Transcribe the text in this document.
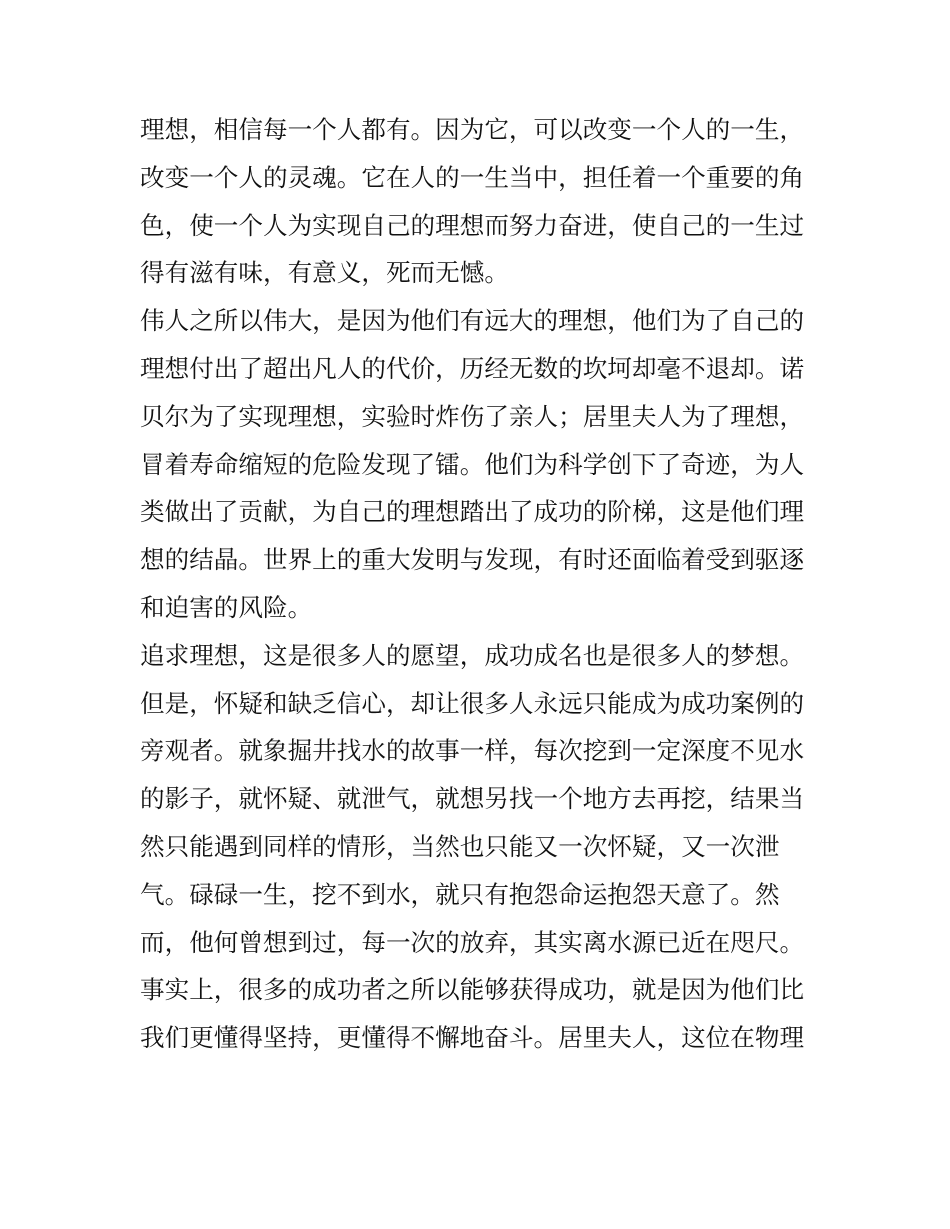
理想，相信每一个人都有。因为它，可以改变一个人的一生，
改变一个人的灵魂。它在人的一生当中，担任着一个重要的角
色，使一个人为实现自己的理想而努力奋进，使自己的一生过
得有滋有味，有意义，死而无憾。
伟人之所以伟大，是因为他们有远大的理想，他们为了自己的
理想付出了超出凡人的代价，历经无数的坎坷却毫不退却。诺
贝尔为了实现理想，实验时炸伤了亲人；居里夫人为了理想，
冒着寿命缩短的危险发现了镭。他们为科学创下了奇迹，为人
类做出了贡献，为自己的理想踏出了成功的阶梯，这是他们理
想的结晶。世界上的重大发明与发现，有时还面临着受到驱逐
和迫害的风险。
追求理想，这是很多人的愿望，成功成名也是很多人的梦想。
但是，怀疑和缺乏信心，却让很多人永远只能成为成功案例的
旁观者。就象掘井找水的故事一样，每次挖到一定深度不见水
的影子，就怀疑、就泄气，就想另找一个地方去再挖，结果当
然只能遇到同样的情形，当然也只能又一次怀疑，又一次泄
气。碌碌一生，挖不到水，就只有抱怨命运抱怨天意了。然
而，他何曾想到过，每一次的放弃，其实离水源已近在咫尺。
事实上，很多的成功者之所以能够获得成功，就是因为他们比
我们更懂得坚持，更懂得不懈地奋斗。居里夫人，这位在物理
